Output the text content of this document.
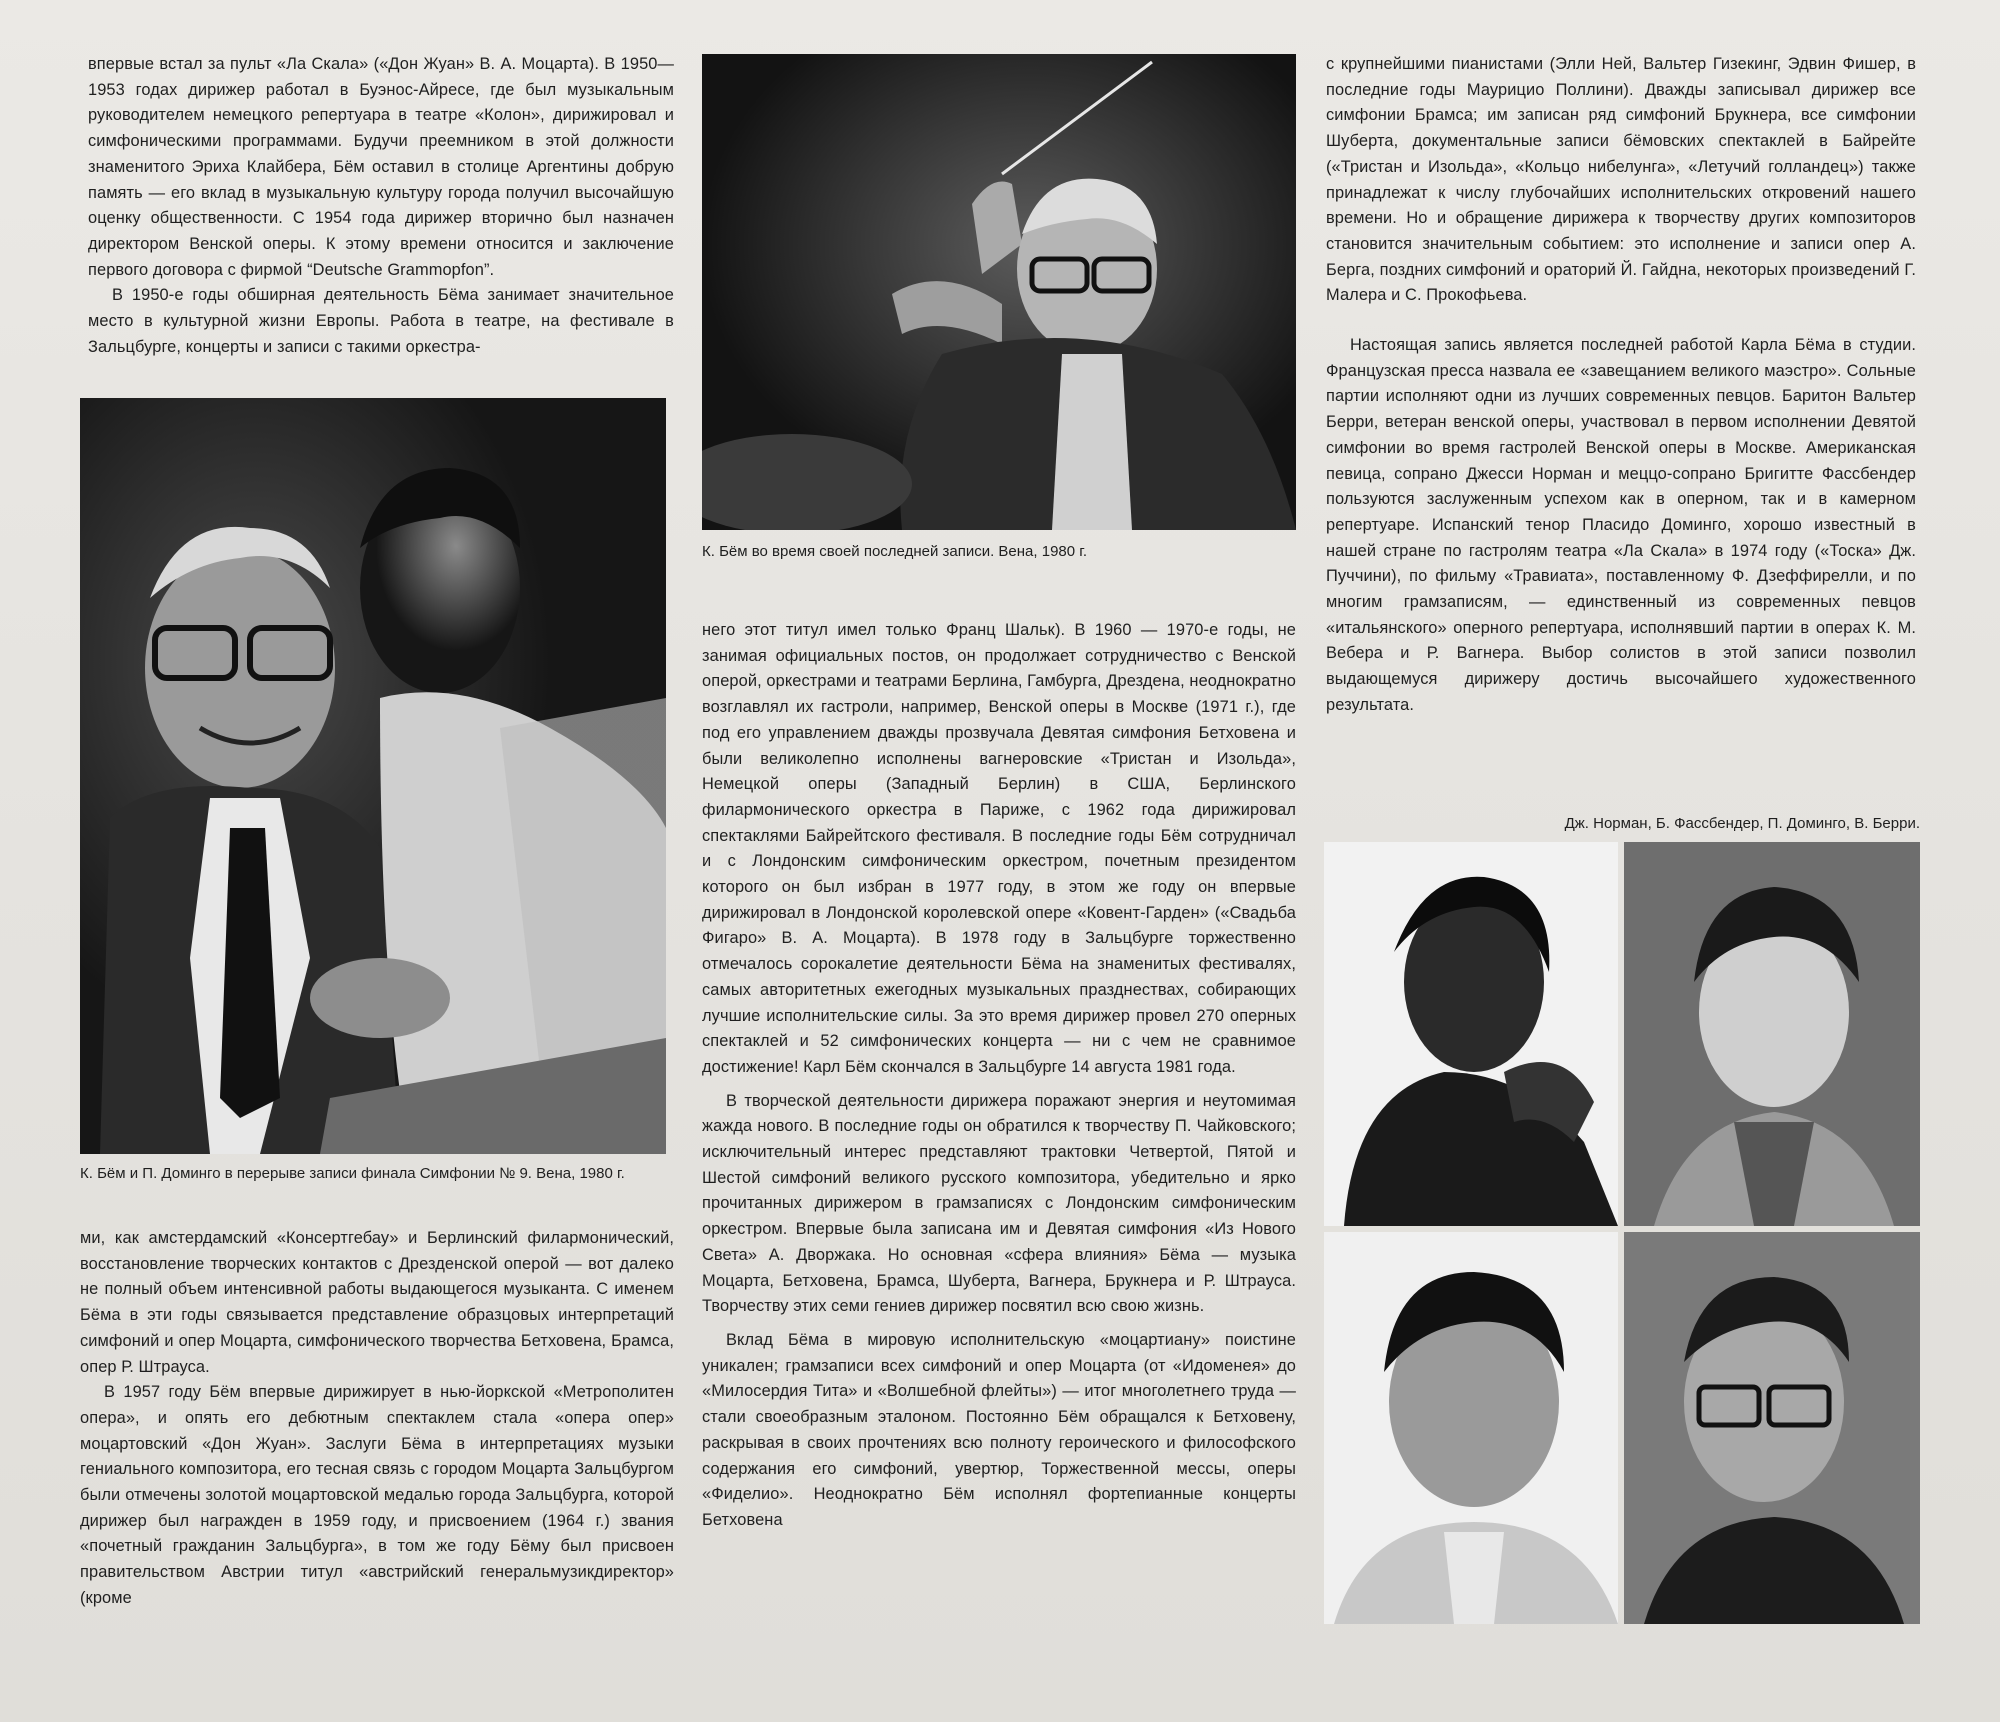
впервые встал за пульт «Ла Скала» («Дон Жуан» В. А. Моцарта). В 1950—1953 годах дирижер работал в Буэнос-Айресе, где был музыкальным руководителем немецкого репертуара в театре «Колон», дирижировал и симфоническими программами. Будучи преемником в этой должности знаменитого Эриха Клайбера, Бём оставил в столице Аргентины добрую память — его вклад в музыкальную культуру города получил высочайшую оценку общественности. С 1954 года дирижер вторично был назначен директором Венской оперы. К этому времени относится и заключение первого договора с фирмой “Deutsche Grammopfon”.

В 1950-е годы обширная деятельность Бёма занимает значительное место в культурной жизни Европы. Работа в театре, на фестивале в Зальцбурге, концерты и записи с такими оркестра-

К. Бём и П. Доминго в перерыве записи финала Симфонии № 9. Вена, 1980 г.

ми, как амстердамский «Консертгебау» и Берлинский филармонический, восстановление творческих контактов с Дрезденской оперой — вот далеко не полный объем интенсивной работы выдающегося музыканта. С именем Бёма в эти годы связывается представление образцовых интерпретаций симфоний и опер Моцарта, симфонического творчества Бетховена, Брамса, опер Р. Штрауса.

В 1957 году Бём впервые дирижирует в нью-йоркской «Метрополитен опера», и опять его дебютным спектаклем стала «опера опер» моцартовский «Дон Жуан». Заслуги Бёма в интерпретациях музыки гениального композитора, его тесная связь с городом Моцарта Зальцбургом были отмечены золотой моцартовской медалью города Зальцбурга, которой дирижер был награжден в 1959 году, и присвоением (1964 г.) звания «почетный гражданин Зальцбурга», в том же году Бёму был присвоен правительством Австрии титул «австрийский генеральмузикдиректор» (кроме

К. Бём во время своей последней записи. Вена, 1980 г.

него этот титул имел только Франц Шальк). В 1960 — 1970-е годы, не занимая официальных постов, он продолжает сотрудничество с Венской оперой, оркестрами и театрами Берлина, Гамбурга, Дрездена, неоднократно возглавлял их гастроли, например, Венской оперы в Москве (1971 г.), где под его управлением дважды прозвучала Девятая симфония Бетховена и были великолепно исполнены вагнеровские «Тристан и Изольда», Немецкой оперы (Западный Берлин) в США, Берлинского филармонического оркестра в Париже, с 1962 года дирижировал спектаклями Байрейтского фестиваля. В последние годы Бём сотрудничал и с Лондонским симфоническим оркестром, почетным президентом которого он был избран в 1977 году, в этом же году он впервые дирижировал в Лондонской королевской опере «Ковент-Гарден» («Свадьба Фигаро» В. А. Моцарта). В 1978 году в Зальцбурге торжественно отмечалось сорокалетие деятельности Бёма на знаменитых фестивалях, самых авторитетных ежегодных музыкальных празднествах, собирающих лучшие исполнительские силы. За это время дирижер провел 270 оперных спектаклей и 52 симфонических концерта — ни с чем не сравнимое достижение! Карл Бём скончался в Зальцбурге 14 августа 1981 года.

В творческой деятельности дирижера поражают энергия и неутомимая жажда нового. В последние годы он обратился к творчеству П. Чайковского; исключительный интерес представляют трактовки Четвертой, Пятой и Шестой симфоний великого русского композитора, убедительно и ярко прочитанных дирижером в грамзаписях с Лондонским симфоническим оркестром. Впервые была записана им и Девятая симфония «Из Нового Света» А. Дворжака. Но основная «сфера влияния» Бёма — музыка Моцарта, Бетховена, Брамса, Шуберта, Вагнера, Брукнера и Р. Штрауса. Творчеству этих семи гениев дирижер посвятил всю свою жизнь.

Вклад Бёма в мировую исполнительскую «моцартиану» поистине уникален; грамзаписи всех симфоний и опер Моцарта (от «Идоменея» до «Милосердия Тита» и «Волшебной флейты») — итог многолетнего труда — стали своеобразным эталоном. Постоянно Бём обращался к Бетховену, раскрывая в своих прочтениях всю полноту героического и философского содержания его симфоний, увертюр, Торжественной мессы, оперы «Фиделио». Неоднократно Бём исполнял фортепианные концерты Бетховена

с крупнейшими пианистами (Элли Ней, Вальтер Гизекинг, Эдвин Фишер, в последние годы Маурицио Поллини). Дважды записывал дирижер все симфонии Брамса; им записан ряд симфоний Брукнера, все симфонии Шуберта, документальные записи бёмовских спектаклей в Байрейте («Тристан и Изольда», «Кольцо нибелунга», «Летучий голландец») также принадлежат к числу глубочайших исполнительских откровений нашего времени. Но и обращение дирижера к творчеству других композиторов становится значительным событием: это исполнение и записи опер А. Берга, поздних симфоний и ораторий Й. Гайдна, некоторых произведений Г. Малера и С. Прокофьева.

Настоящая запись является последней работой Карла Бёма в студии. Французская пресса назвала ее «завещанием великого маэстро». Сольные партии исполняют одни из лучших современных певцов. Баритон Вальтер Берри, ветеран венской оперы, участвовал в первом исполнении Девятой симфонии во время гастролей Венской оперы в Москве. Американская певица, сопрано Джесси Норман и меццо-сопрано Бригитте Фассбендер пользуются заслуженным успехом как в оперном, так и в камерном репертуаре. Испанский тенор Пласидо Доминго, хорошо известный в нашей стране по гастролям театра «Ла Скала» в 1974 году («Тоска» Дж. Пуччини), по фильму «Травиата», поставленному Ф. Дзеффирелли, и по многим грамзаписям, — единственный из современных певцов «итальянского» оперного репертуара, исполнявший партии в операх К. М. Вебера и Р. Вагнера. Выбор солистов в этой записи позволил выдающемуся дирижеру достичь высочайшего художественного результата.

Дж. Норман, Б. Фассбендер, П. Доминго, В. Берри.
